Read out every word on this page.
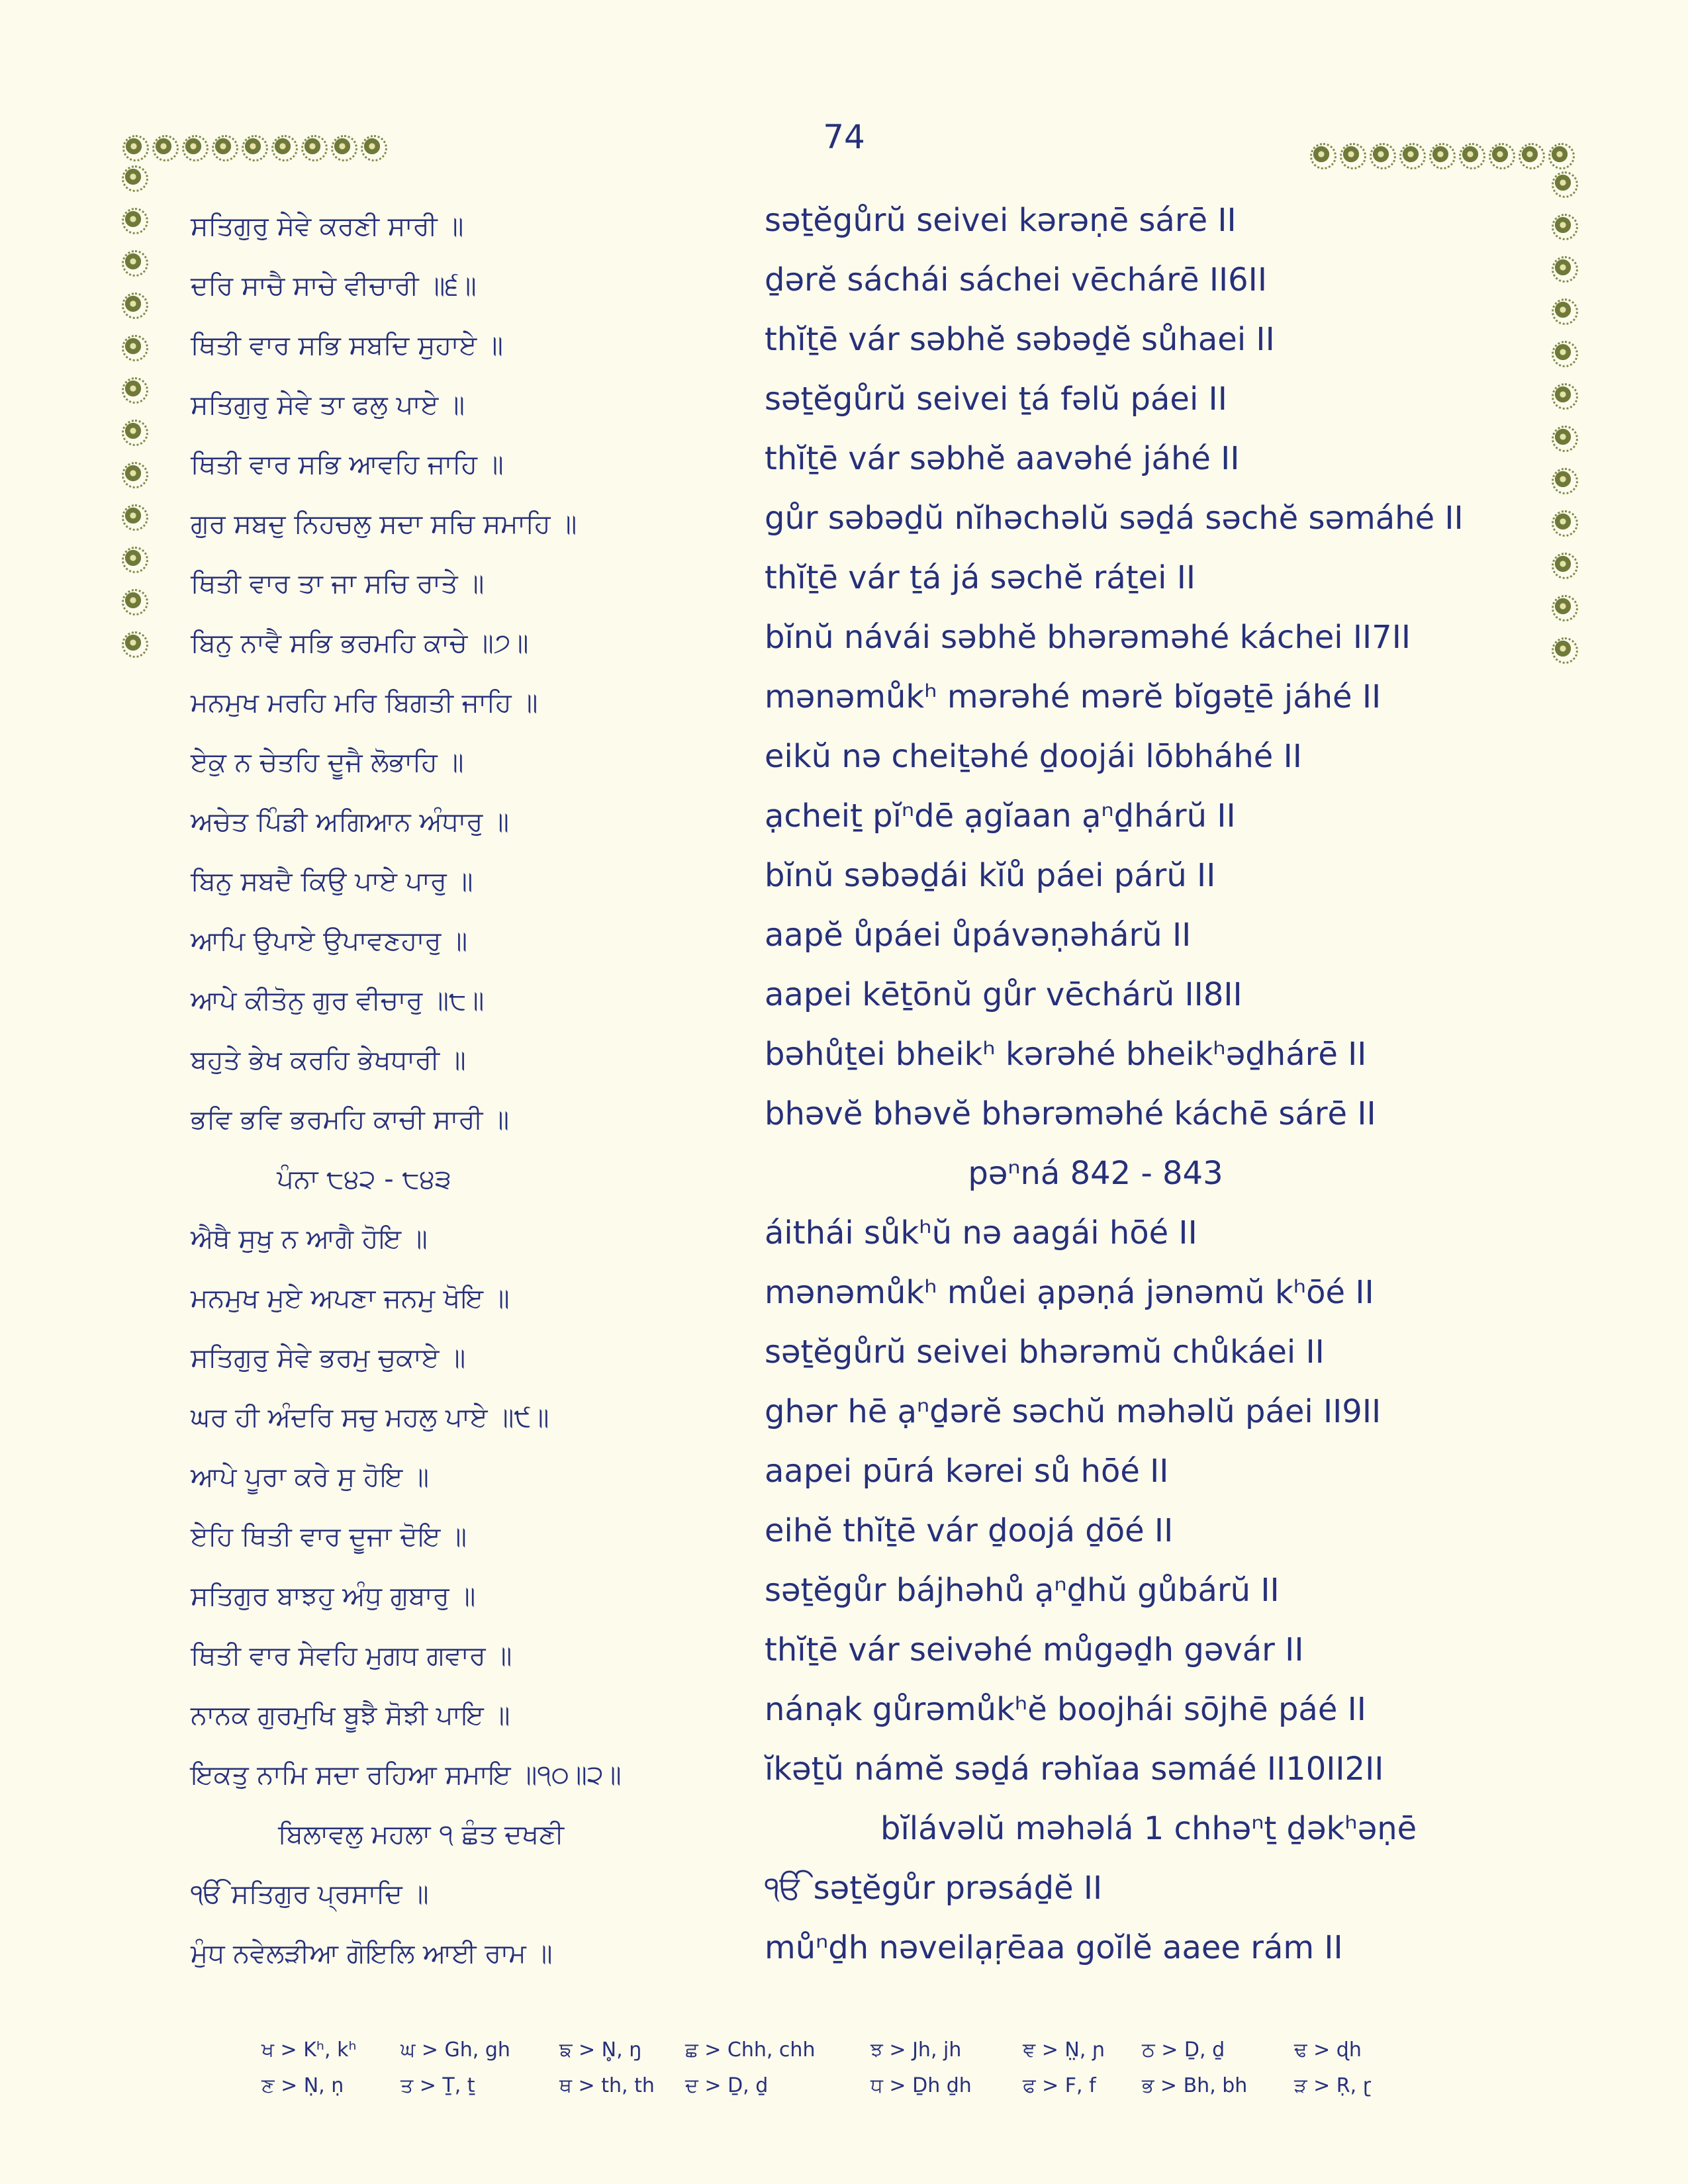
74
ਸਤਿਗੁਰੁ ਸੇਵੇ ਕਰਣੀ ਸਾਰੀ ॥	səṯĕgůrŭ seivei kərəṇē sárē II
ਦਰਿ ਸਾਚੈ ਸਾਚੇ ਵੀਚਾਰੀ ॥੬॥	ḏərĕ sáchái sáchei vēchárē II6II
ਥਿਤੀ ਵਾਰ ਸਭਿ ਸਬਦਿ ਸੁਹਾਏ ॥	thĭṯē vár səbhĕ səbəḏĕ sůhaei II
ਸਤਿਗੁਰੁ ਸੇਵੇ ਤਾ ਫਲੁ ਪਾਏ ॥	səṯĕgůrŭ seivei ṯá fəlŭ páei II
ਥਿਤੀ ਵਾਰ ਸਭਿ ਆਵਹਿ ਜਾਹਿ ॥	thĭṯē vár səbhĕ aavəhé jáhé II
ਗੁਰ ਸਬਦੁ ਨਿਹਚਲੁ ਸਦਾ ਸਚਿ ਸਮਾਹਿ ॥	gůr səbəḏŭ nĭhəchəlŭ səḏá səchĕ səmáhé II
ਥਿਤੀ ਵਾਰ ਤਾ ਜਾ ਸਚਿ ਰਾਤੇ ॥	thĭṯē vár ṯá já səchĕ ráṯei II
ਬਿਨੁ ਨਾਵੈ ਸਭਿ ਭਰਮਹਿ ਕਾਚੇ ॥੭॥	bĭnŭ návái səbhĕ bhərəməhé káchei II7II
ਮਨਮੁਖ ਮਰਹਿ ਮਰਿ ਬਿਗਤੀ ਜਾਹਿ ॥	mənəmůkʰ mərəhé mərĕ bĭgəṯē jáhé II
ਏਕੁ ਨ ਚੇਤਹਿ ਦੂਜੈ ਲੋਭਾਹਿ ॥	eikŭ nə cheiṯəhé ḏoojái lōbháhé II
ਅਚੇਤ ਪਿੰਡੀ ਅਗਿਆਨ ਅੰਧਾਰੁ ॥	ạcheiṯ pĭⁿdē ạgĭaan ạⁿḏhárŭ II
ਬਿਨੁ ਸਬਦੈ ਕਿਉ ਪਾਏ ਪਾਰੁ ॥	bĭnŭ səbəḏái kĭů páei párŭ II
ਆਪਿ ਉਪਾਏ ਉਪਾਵਣਹਾਰੁ ॥	aapĕ ůpáei ůpávəṇəhárŭ II
ਆਪੇ ਕੀਤੋਨੁ ਗੁਰ ਵੀਚਾਰੁ ॥੮॥	aapei kēṯōnŭ gůr vēchárŭ II8II
ਬਹੁਤੇ ਭੇਖ ਕਰਹਿ ਭੇਖਧਾਰੀ ॥	bəhůṯei bheikʰ kərəhé bheikʰəḏhárē II
ਭਵਿ ਭਵਿ ਭਰਮਹਿ ਕਾਚੀ ਸਾਰੀ ॥	bhəvĕ bhəvĕ bhərəməhé káchē sárē II
ਪੰਨਾ ੮੪੨ - ੮੪੩	pəⁿná 842 - 843
ਐਥੈ ਸੁਖੁ ਨ ਆਗੈ ਹੋਇ ॥	áithái sůkʰŭ nə aagái hōé II
ਮਨਮੁਖ ਮੁਏ ਅਪਣਾ ਜਨਮੁ ਖੋਇ ॥	mənəmůkʰ můei ạpəṇá jənəmŭ kʰōé II
ਸਤਿਗੁਰੁ ਸੇਵੇ ਭਰਮੁ ਚੁਕਾਏ ॥	səṯĕgůrŭ seivei bhərəmŭ chůkáei II
ਘਰ ਹੀ ਅੰਦਰਿ ਸਚੁ ਮਹਲੁ ਪਾਏ ॥੯॥	ghər hē ạⁿḏərĕ səchŭ məhəlŭ páei II9II
ਆਪੇ ਪੂਰਾ ਕਰੇ ਸੁ ਹੋਇ ॥	aapei pūrá kərei sů hōé II
ਏਹਿ ਥਿਤੀ ਵਾਰ ਦੂਜਾ ਦੋਇ ॥	eihĕ thĭṯē vár ḏoojá ḏōé II
ਸਤਿਗੁਰ ਬਾਝਹੁ ਅੰਧੁ ਗੁਬਾਰੁ ॥	səṯĕgůr bájhəhů ạⁿḏhŭ gůbárŭ II
ਥਿਤੀ ਵਾਰ ਸੇਵਹਿ ਮੁਗਧ ਗਵਾਰ ॥	thĭṯē vár seivəhé můgəḏh gəvár II
ਨਾਨਕ ਗੁਰਮੁਖਿ ਬੂਝੈ ਸੋਝੀ ਪਾਇ ॥	nánạk gůrəmůkʰĕ boojhái sōjhē páé II
ਇਕਤੁ ਨਾਮਿ ਸਦਾ ਰਹਿਆ ਸਮਾਇ ॥੧੦॥੨॥	ĭkəṯŭ námĕ səḏá rəhĭaa səmáé II10II2II
ਬਿਲਾਵਲੁ ਮਹਲਾ ੧ ਛੰਤ ਦਖਣੀ	bĭlávəlŭ məhəlá 1 chhəⁿṯ ḏəkʰəṇē
ੴ ਸਤਿਗੁਰ ਪ੍ਰਸਾਦਿ ॥	ੴ səṯĕgůr prəsáḏĕ II
ਮੁੰਧ ਨਵੇਲੜੀਆ ਗੋਇਲਿ ਆਈ ਰਾਮ ॥	můⁿḏh nəveilạṛēaa goĭlĕ aaee rám II
ਖ > Kʰ, kʰ ਘ > Gh, gh ਙ > N̥, ŋ ਛ > Chh, chh	ਝ > Jh, jh	ਞ > N̤, ɲ ਠ > Ḏ, ḏ	ਢ > ɖh
ਣ > Ṇ, ṇ	ਤ > Ṯ, ṯ	ਥ > th, th ਦ > Ḏ, ḏ	ਧ > Ḏh ḏh	ਫ > F, f ਭ > Bh, bh ੜ > Ṛ, ɽ
